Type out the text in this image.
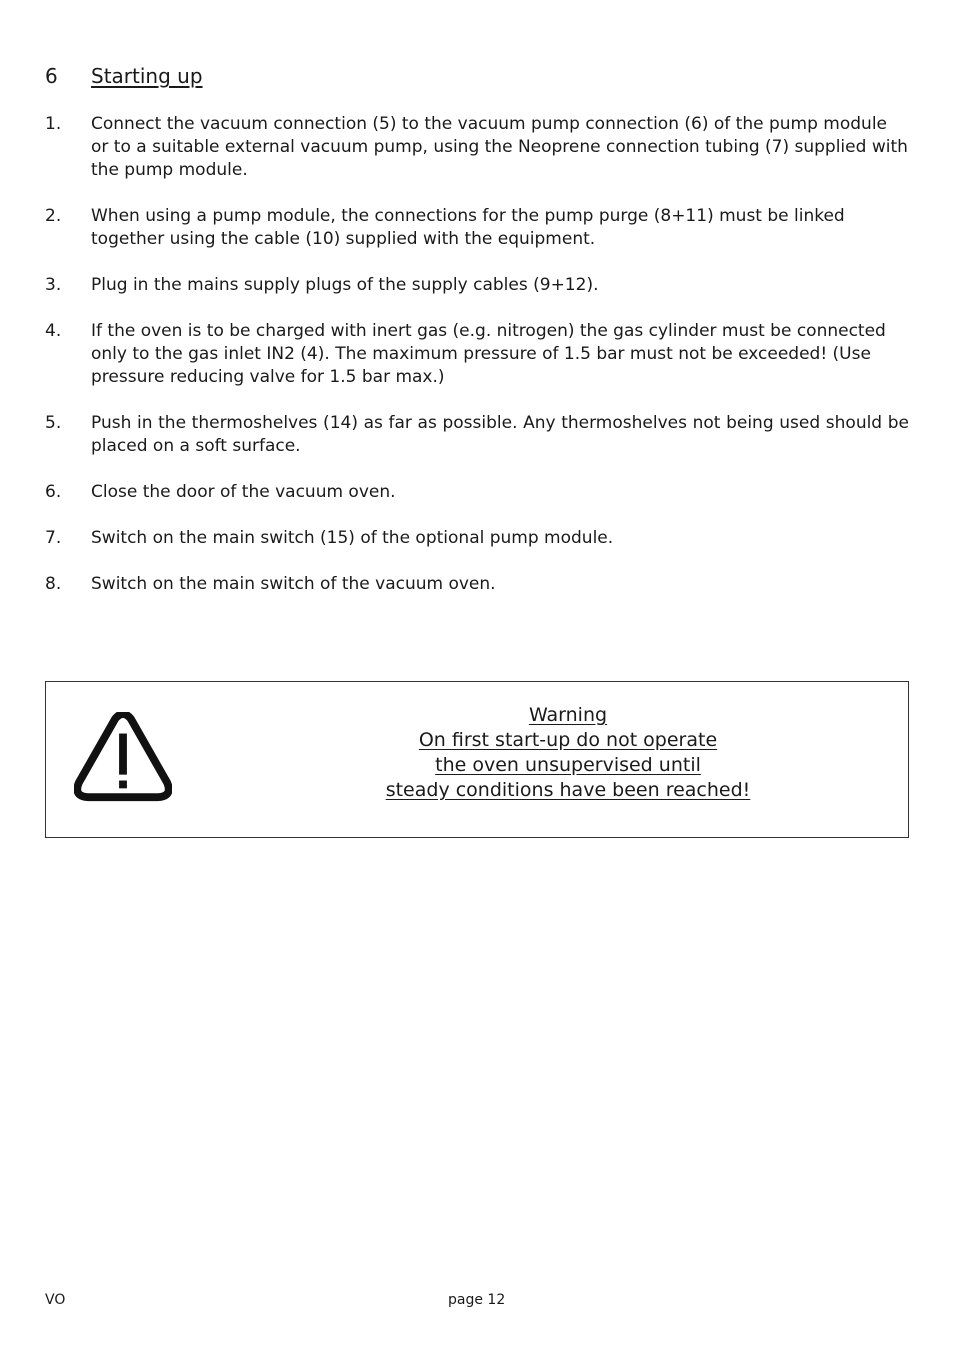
6 Starting up
1.	Connect the vacuum connection (5) to the vacuum pump connection (6) of the pump module or to a suitable external vacuum pump, using the Neoprene connection tubing (7) supplied with the pump module.
2.	When using a pump module, the connections for the pump purge (8+11) must be linked together using the cable (10) supplied with the equipment.
3.	Plug in the mains supply plugs of the supply cables (9+12).
4.	If the oven is to be charged with inert gas (e.g. nitrogen) the gas cylinder must be connected only to the gas inlet IN2 (4). The maximum pressure of 1.5 bar must not be exceeded! (Use pressure reducing valve for 1.5 bar max.)
5.	Push in the thermoshelves (14) as far as possible. Any thermoshelves not being used should be placed on a soft surface.
6.	Close the door of the vacuum oven.
7.	Switch on the main switch (15) of the optional pump module.
8.	Switch on the main switch of the vacuum oven.
Warning
On first start-up do not operate
the oven unsupervised until
steady conditions have been reached!
VO	page 12
